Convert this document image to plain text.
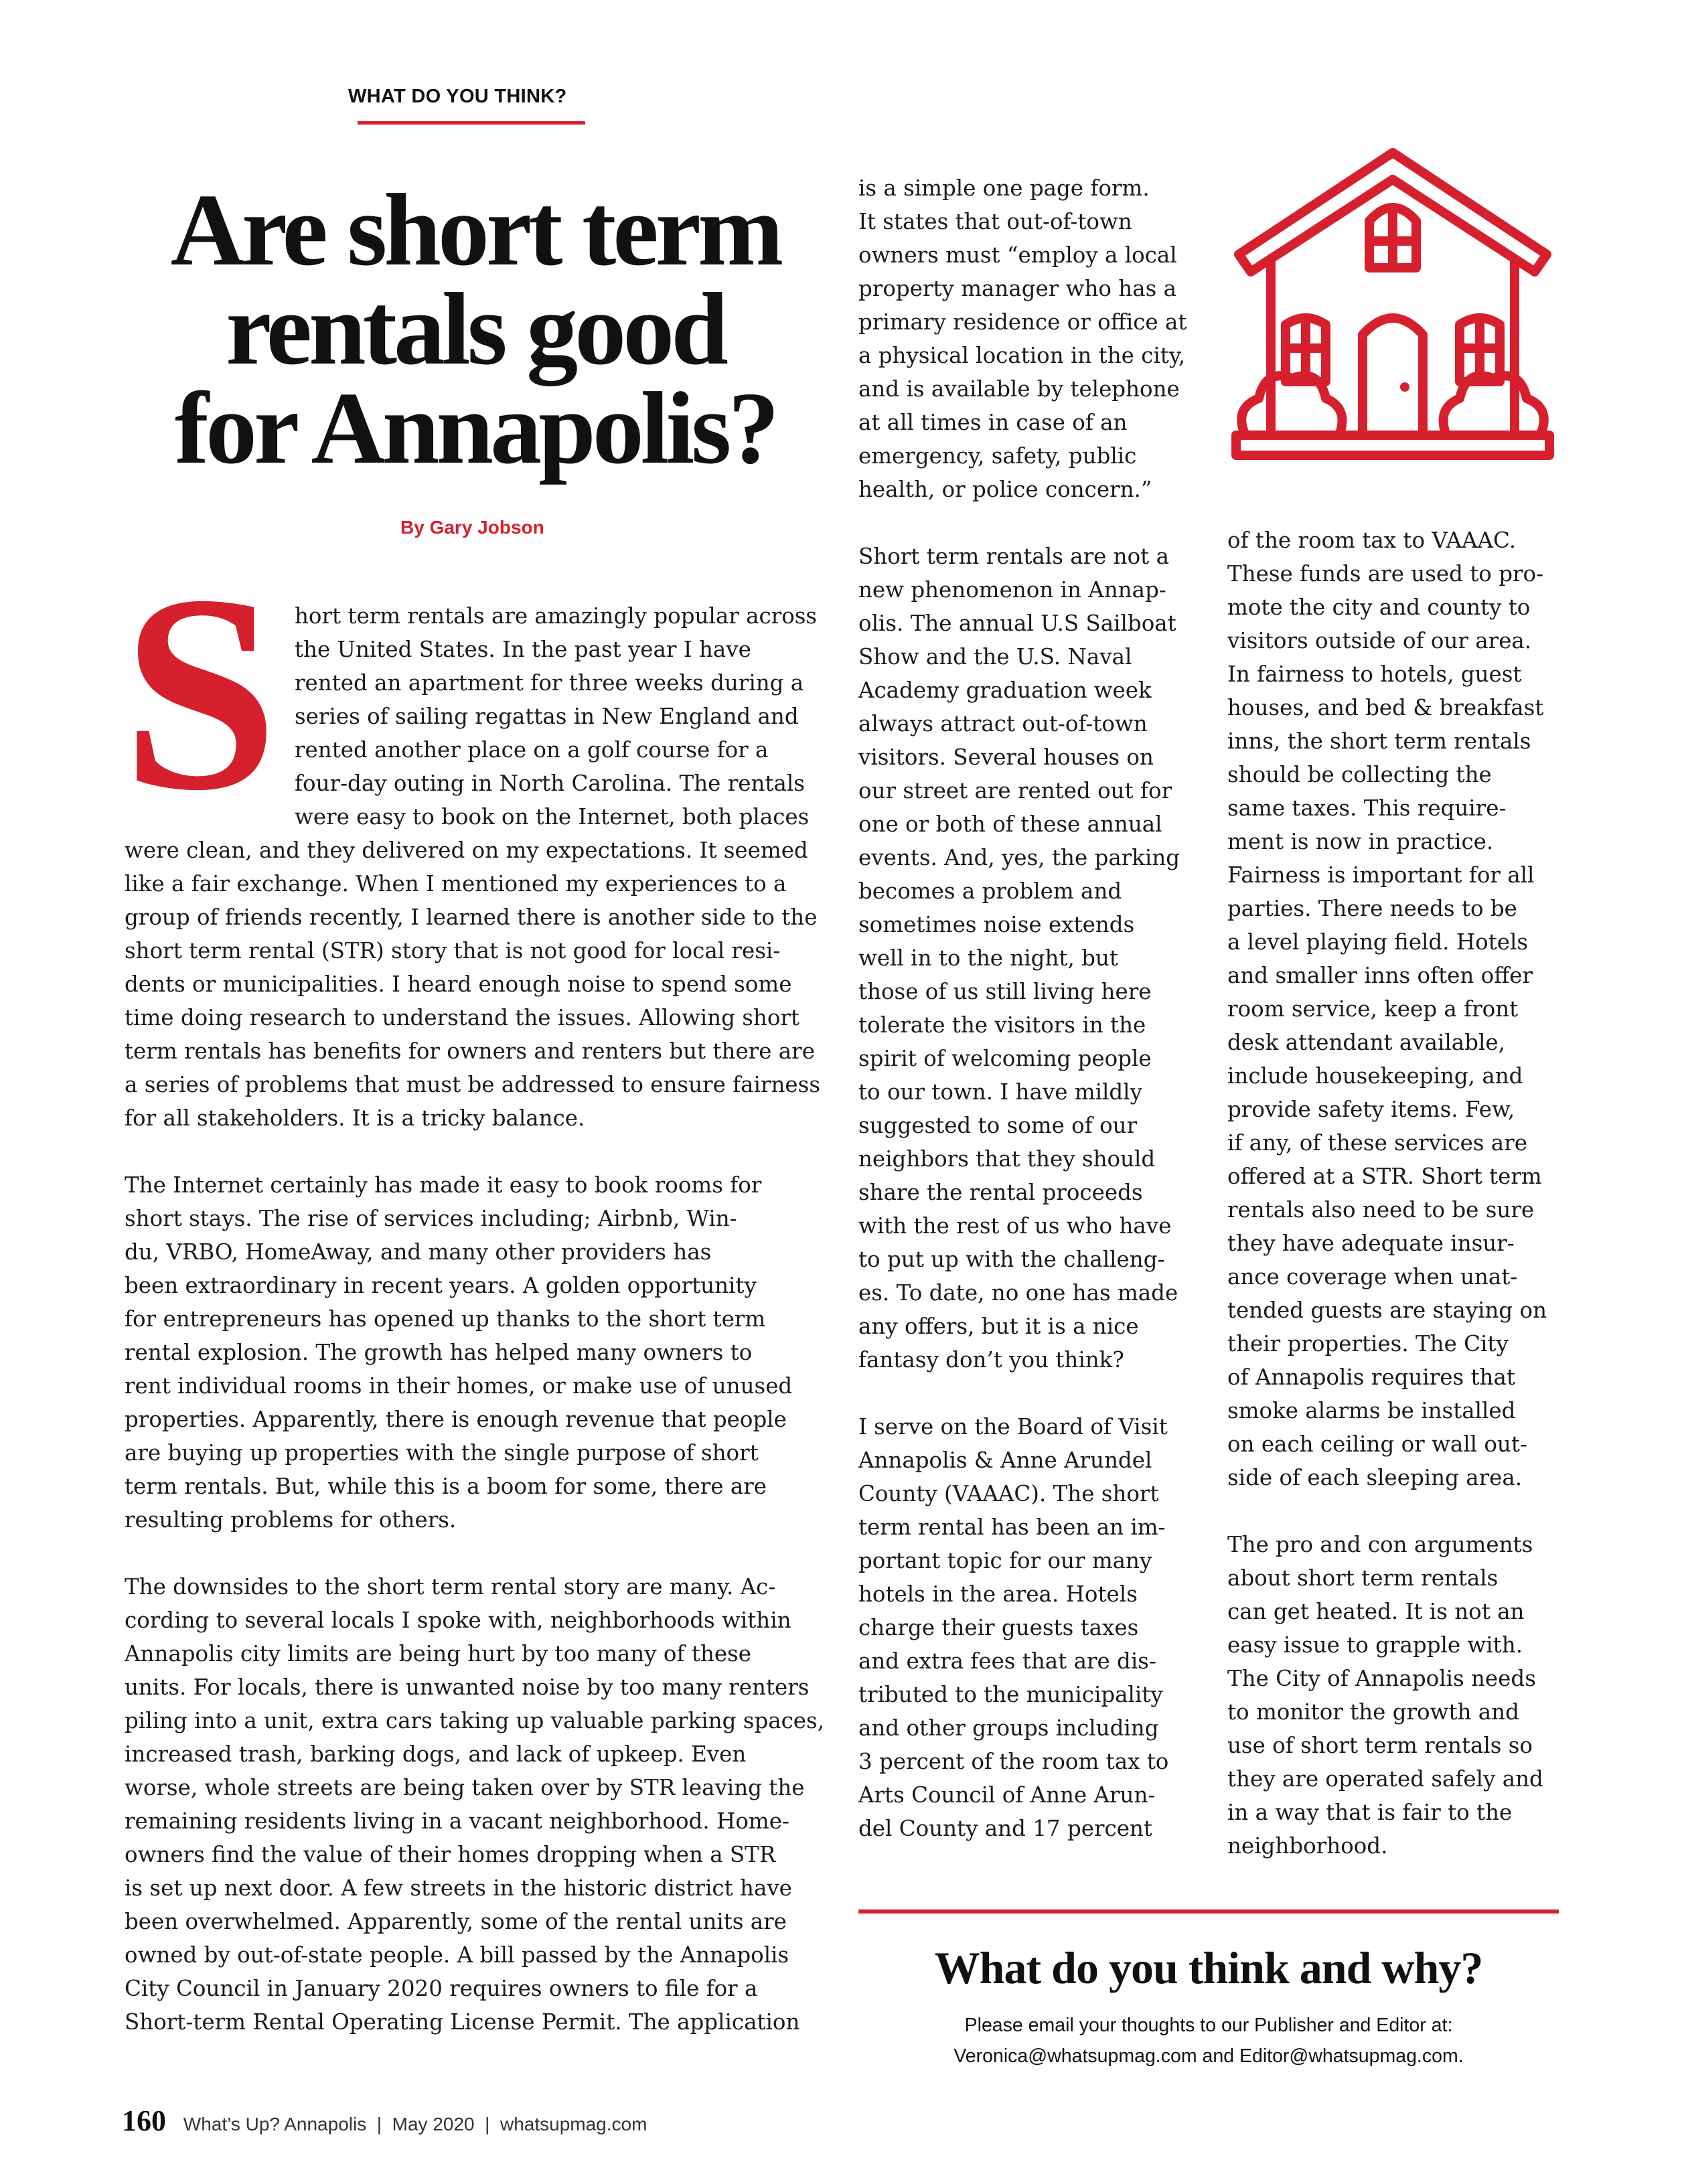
WHAT DO YOU THINK?
Are short term
rentals good
for Annapolis?
By Gary Jobson
S hort term rentals are amazingly popular across
the United States. In the past year I have
rented an apartment for three weeks during a
series of sailing regattas in New England and
rented another place on a golf course for a
four-day outing in North Carolina. The rentals
were easy to book on the Internet, both places
were clean, and they delivered on my expectations. It seemed
like a fair exchange. When I mentioned my experiences to a
group of friends recently, I learned there is another side to the
short term rental (STR) story that is not good for local resi-
dents or municipalities. I heard enough noise to spend some
time doing research to understand the issues. Allowing short
term rentals has benefits for owners and renters but there are
a series of problems that must be addressed to ensure fairness
for all stakeholders. It is a tricky balance.
The Internet certainly has made it easy to book rooms for
short stays. The rise of services including; Airbnb, Win-
du, VRBO, HomeAway, and many other providers has
been extraordinary in recent years. A golden opportunity
for entrepreneurs has opened up thanks to the short term
rental explosion. The growth has helped many owners to
rent individual rooms in their homes, or make use of unused
properties. Apparently, there is enough revenue that people
are buying up properties with the single purpose of short
term rentals. But, while this is a boom for some, there are
resulting problems for others.
The downsides to the short term rental story are many. Ac-
cording to several locals I spoke with, neighborhoods within
Annapolis city limits are being hurt by too many of these
units. For locals, there is unwanted noise by too many renters
piling into a unit, extra cars taking up valuable parking spaces,
increased trash, barking dogs, and lack of upkeep. Even
worse, whole streets are being taken over by STR leaving the
remaining residents living in a vacant neighborhood. Home-
owners find the value of their homes dropping when a STR
is set up next door. A few streets in the historic district have
been overwhelmed. Apparently, some of the rental units are
owned by out-of-state people. A bill passed by the Annapolis
City Council in January 2020 requires owners to file for a
Short-term Rental Operating License Permit. The application
is a simple one page form.
It states that out-of-town
owners must “employ a local
property manager who has a
primary residence or office at
a physical location in the city,
and is available by telephone
at all times in case of an
emergency, safety, public
health, or police concern.”
Short term rentals are not a
new phenomenon in Annap-
olis. The annual U.S Sailboat
Show and the U.S. Naval
Academy graduation week
always attract out-of-town
visitors. Several houses on
our street are rented out for
one or both of these annual
events. And, yes, the parking
becomes a problem and
sometimes noise extends
well in to the night, but
those of us still living here
tolerate the visitors in the
spirit of welcoming people
to our town. I have mildly
suggested to some of our
neighbors that they should
share the rental proceeds
with the rest of us who have
to put up with the challeng-
es. To date, no one has made
any offers, but it is a nice
fantasy don’t you think?
I serve on the Board of Visit
Annapolis & Anne Arundel
County (VAAAC). The short
term rental has been an im-
portant topic for our many
hotels in the area. Hotels
charge their guests taxes
and extra fees that are dis-
tributed to the municipality
and other groups including
3 percent of the room tax to
Arts Council of Anne Arun-
del County and 17 percent
of the room tax to VAAAC.
These funds are used to pro-
mote the city and county to
visitors outside of our area.
In fairness to hotels, guest
houses, and bed & breakfast
inns, the short term rentals
should be collecting the
same taxes. This require-
ment is now in practice.
Fairness is important for all
parties. There needs to be
a level playing field. Hotels
and smaller inns often offer
room service, keep a front
desk attendant available,
include housekeeping, and
provide safety items. Few,
if any, of these services are
offered at a STR. Short term
rentals also need to be sure
they have adequate insur-
ance coverage when unat-
tended guests are staying on
their properties. The City
of Annapolis requires that
smoke alarms be installed
on each ceiling or wall out-
side of each sleeping area.
The pro and con arguments
about short term rentals
can get heated. It is not an
easy issue to grapple with.
The City of Annapolis needs
to monitor the growth and
use of short term rentals so
they are operated safely and
in a way that is fair to the
neighborhood.
What do you think and why?
Please email your thoughts to our Publisher and Editor at:
Veronica@whatsupmag.com and Editor@whatsupmag.com.
160 What’s Up? Annapolis  |  May 2020  |  whatsupmag.com
